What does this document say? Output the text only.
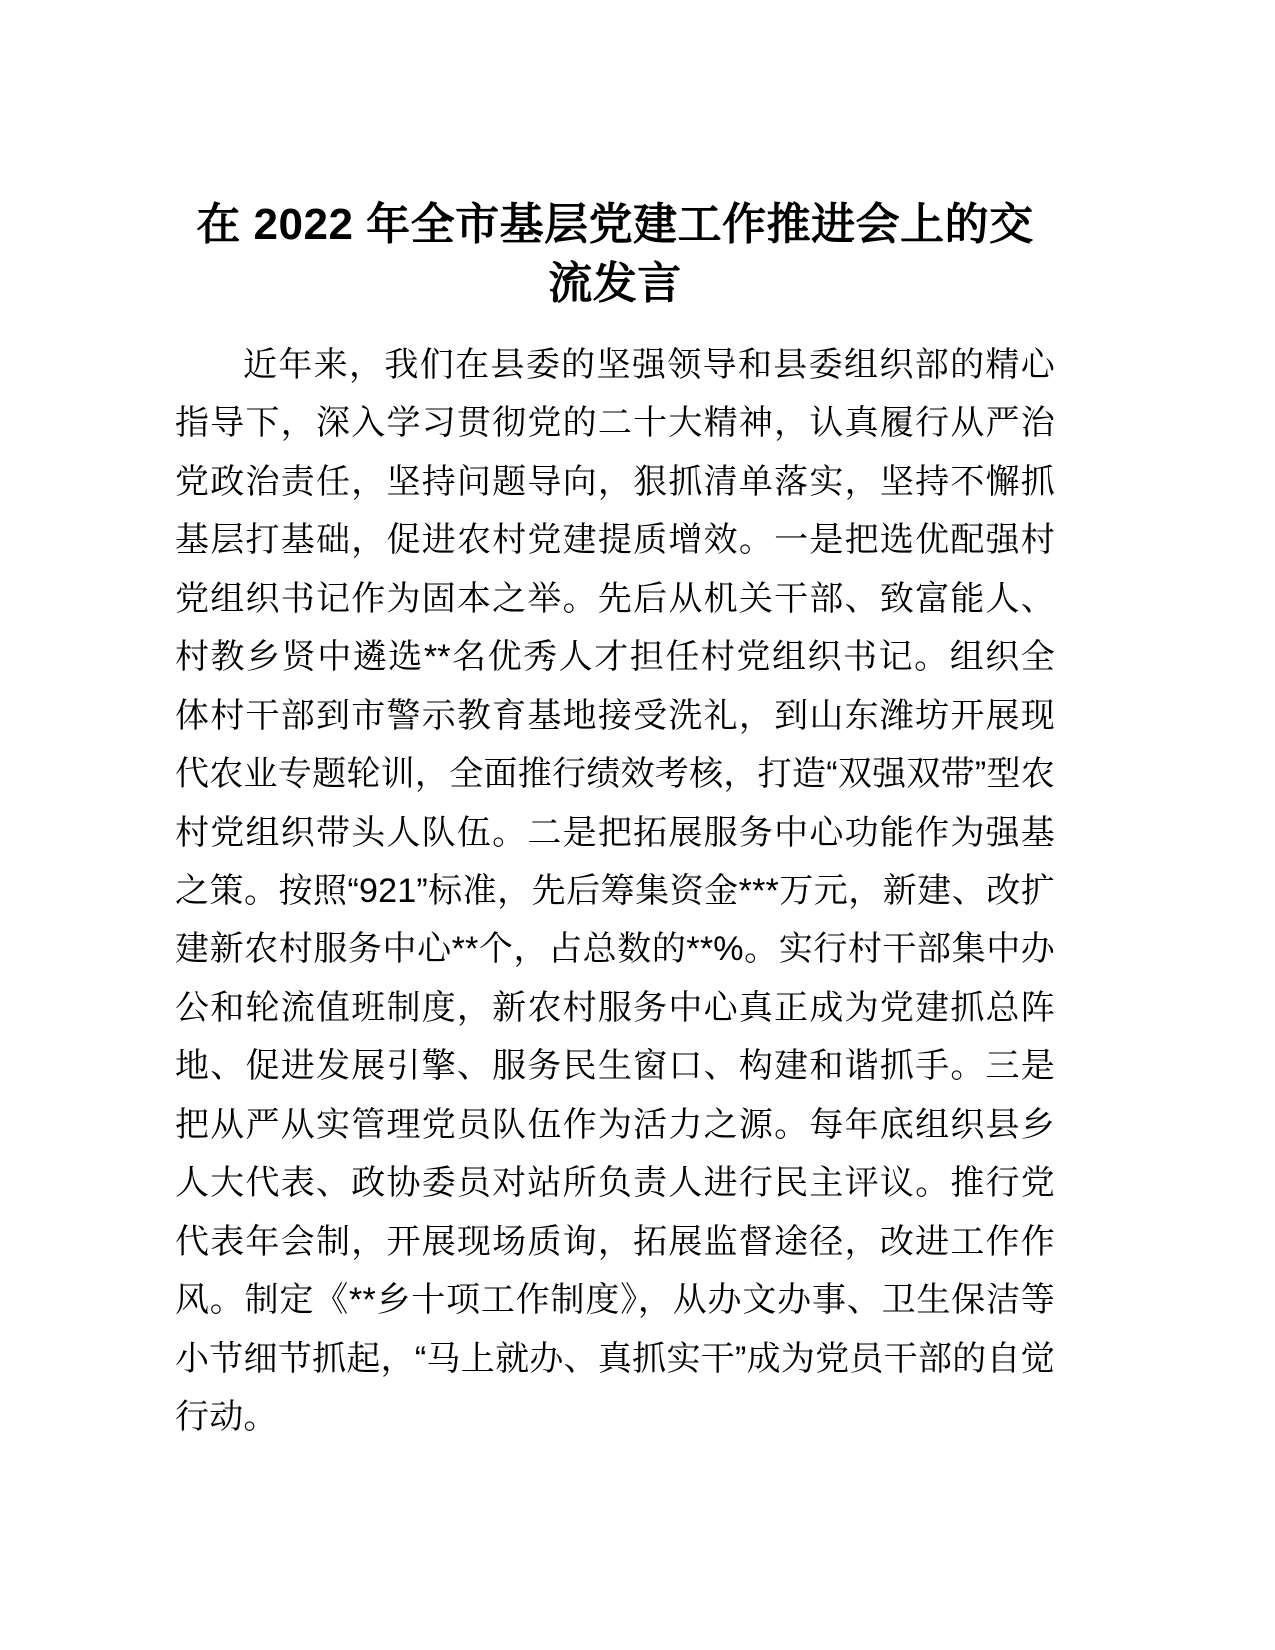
在 2022 年全市基层党建工作推进会上的交流发言

近年来，我们在县委的坚强领导和县委组织部的精心指导下，深入学习贯彻党的二十大精神，认真履行从严治党政治责任，坚持问题导向，狠抓清单落实，坚持不懈抓基层打基础，促进农村党建提质增效。一是把选优配强村党组织书记作为固本之举。先后从机关干部、致富能人、村教乡贤中遴选**名优秀人才担任村党组织书记。组织全体村干部到市警示教育基地接受洗礼，到山东潍坊开展现代农业专题轮训，全面推行绩效考核，打造“双强双带”型农村党组织带头人队伍。二是把拓展服务中心功能作为强基之策。按照“921”标准，先后筹集资金***万元，新建、改扩建新农村服务中心**个，占总数的**%。实行村干部集中办公和轮流值班制度，新农村服务中心真正成为党建抓总阵地、促进发展引擎、服务民生窗口、构建和谐抓手。三是把从严从实管理党员队伍作为活力之源。每年底组织县乡人大代表、政协委员对站所负责人进行民主评议。推行党代表年会制，开展现场质询，拓展监督途径，改进工作作风。制定《**乡十项工作制度》，从办文办事、卫生保洁等小节细节抓起，“马上就办、真抓实干”成为党员干部的自觉行动。
